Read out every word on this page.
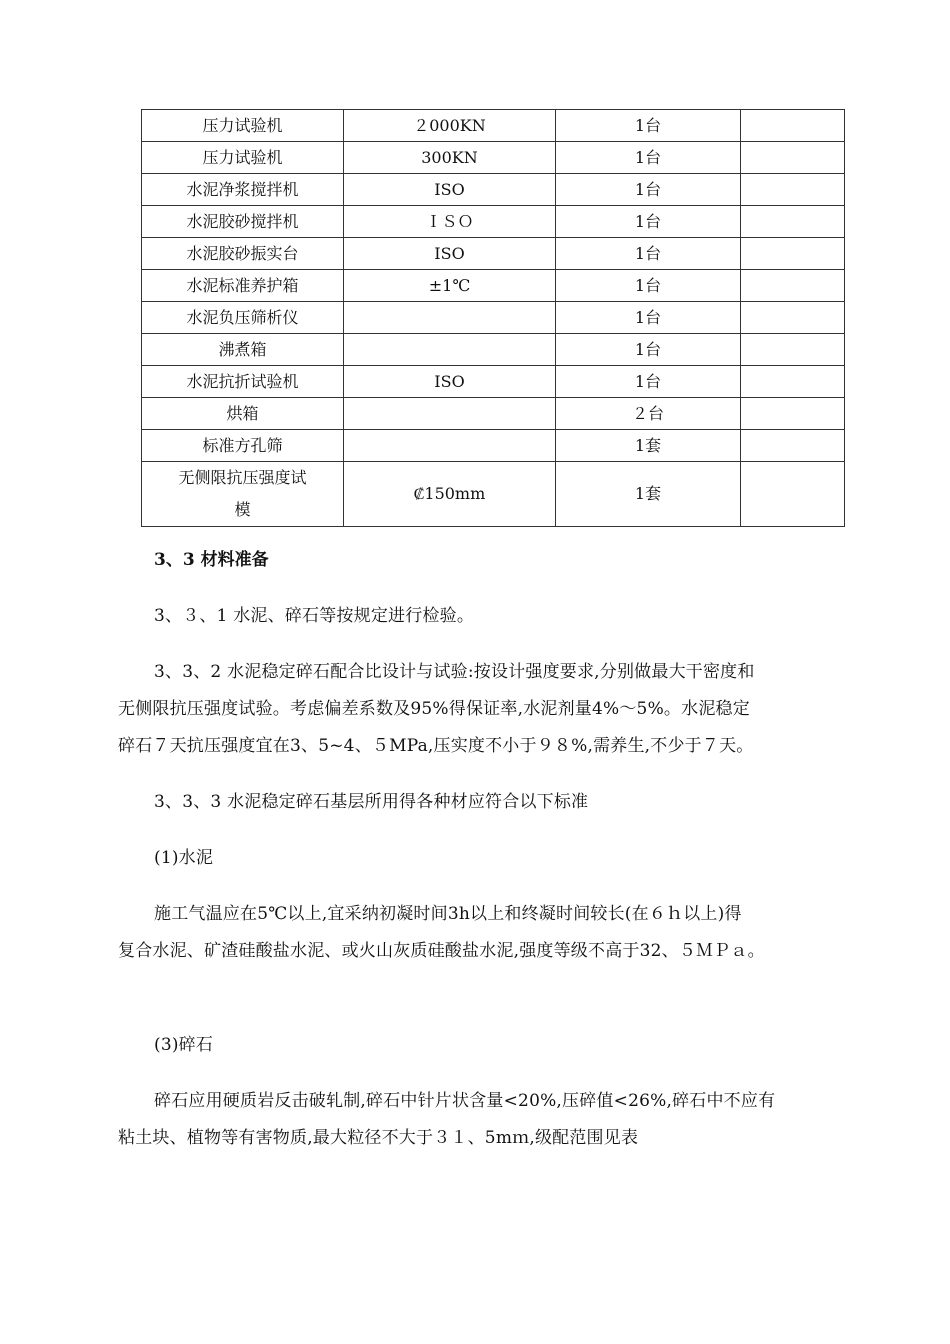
压力试验机	２000KN	1台	
压力试验机	300KN	1台	
水泥净浆搅拌机	ISO	1台	
水泥胶砂搅拌机	ＩＳＯ	1台	
水泥胶砂振实台	ISO	1台	
水泥标准养护箱	±1℃	1台	
水泥负压筛析仪		1台	
沸煮箱		1台	
水泥抗折试验机	ISO	1台	
烘箱		２台	
标准方孔筛		1套	

无侧限抗压强度试
模	₡150mm	1套	
3、3 材料准备
3、３、1 水泥、碎石等按规定进行检验。
3、3、2 水泥稳定碎石配合比设计与试验:按设计强度要求,分别做最大干密度和
无侧限抗压强度试验。考虑偏差系数及95%得保证率,水泥剂量4%～5%。水泥稳定
碎石７天抗压强度宜在3、5~4、５MPa,压实度不小于９８%,需养生,不少于７天。
3、3、3 水泥稳定碎石基层所用得各种材应符合以下标准
(1)水泥
施工气温应在5℃以上,宜采纳初凝时间3h以上和终凝时间较长(在６ｈ以上)得
复合水泥、矿渣硅酸盐水泥、或火山灰质硅酸盐水泥,强度等级不高于32、５ＭＰａ。
(3)碎石
碎石应用硬质岩反击破轧制,碎石中针片状含量<20%,压碎值<26%,碎石中不应有
粘土块、植物等有害物质,最大粒径不大于３１、5mｍ,级配范围见表
